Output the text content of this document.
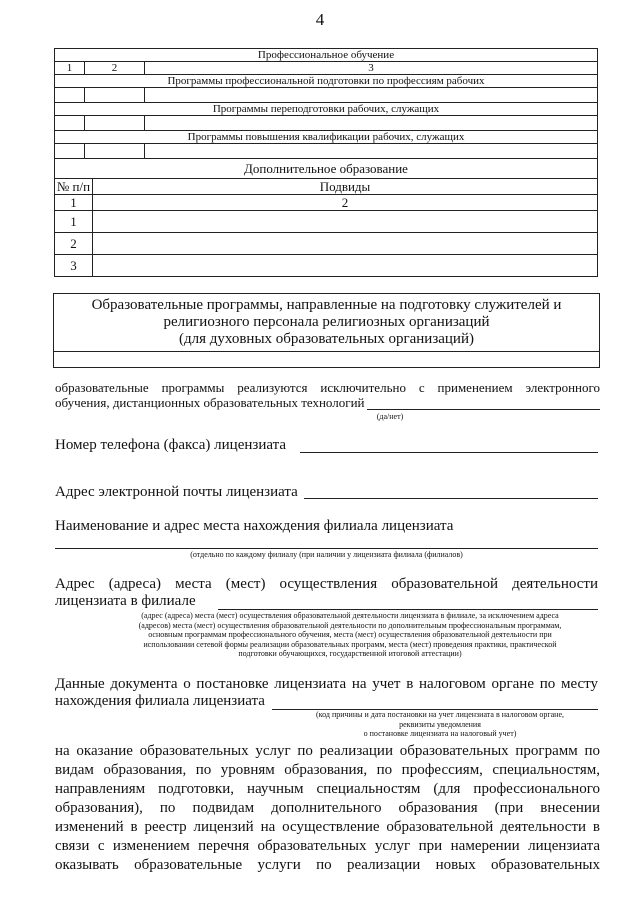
4
Профессиональное обучение		
1	2	3
Программы профессиональной подготовки по профессиям рабочих		

Программы переподготовки рабочих, служащих		

Программы повышения квалификации рабочих, служащих		

Дополнительное образование	
№ п/п	Подвиды
1	2
1	
2	
3	
Образовательные программы, направленные на подготовку служителей и
религиозного персонала религиозных организаций
(для духовных образовательных организаций)
образовательные программы реализуются исключительно с применением электронного
обучения, дистанционных образовательных технологий
(да/нет)
Номер телефона (факса) лицензиата
Адрес электронной почты лицензиата
Наименование и адрес места нахождения филиала лицензиата
(отдельно по каждому филиалу (при наличии у лицензиата филиала (филиалов)
Адрес (адреса) места (мест) осуществления образовательной деятельности
лицензиата в филиале
(адрес (адреса) места (мест) осуществления образовательной деятельности лицензиата в филиале, за исключением адреса
(адресов) места (мест) осуществления образовательной деятельности по дополнительным профессиональным программам,
основным программам профессионального обучения, места (мест) осуществления образовательной деятельности при
использовании сетевой формы реализации образовательных программ, места (мест) проведения практики, практической
подготовки обучающихся, государственной итоговой аттестации)
Данные документа о постановке лицензиата на учет в налоговом органе по месту
нахождения филиала лицензиата
(код причины и дата постановки на учет лицензиата в налоговом органе,
реквизиты уведомления
о постановке лицензиата на налоговый учет)
на оказание образовательных услуг по реализации образовательных программ по
видам образования, по уровням образования, по профессиям, специальностям,
направлениям подготовки, научным специальностям (для профессионального
образования), по подвидам дополнительного образования (при внесении
изменений в реестр лицензий на осуществление образовательной деятельности в
связи с изменением перечня образовательных услуг при намерении лицензиата
оказывать образовательные услуги по реализации новых образовательных
